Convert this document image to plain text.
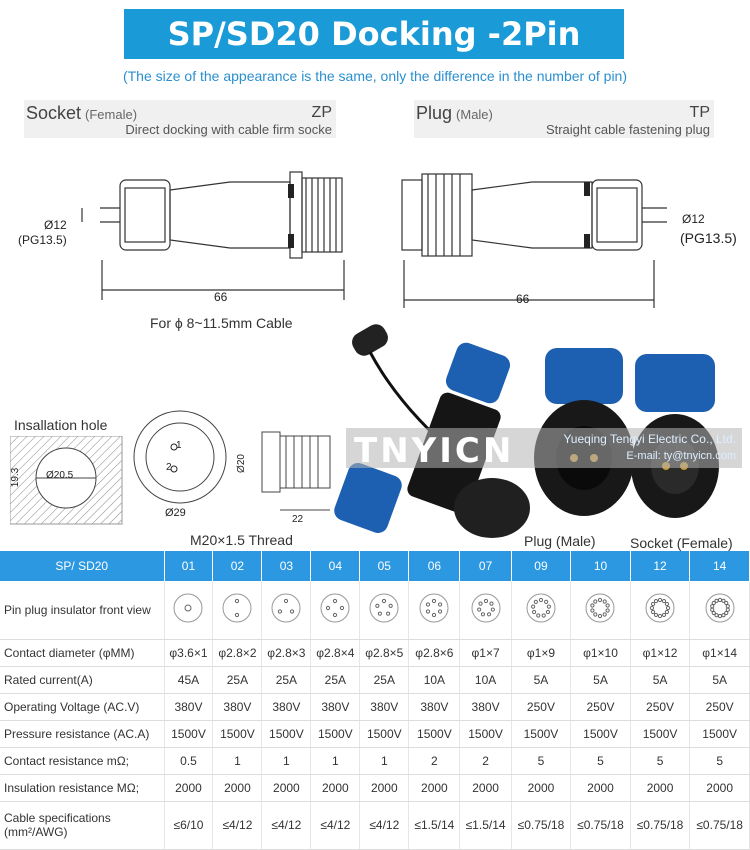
SP/SD20 Docking -2Pin
(The size of the appearance is the same, only the difference in the number of pin)
Socket (Female)	ZP
Direct docking with cable firm socke
Plug (Male)	TP
Straight cable fastening plug
Ø12
(PG13.5)
66
Ø12
(PG13.5)
66
For ϕ 8~11.5mm Cable
Insallation hole
Ø20.5
19.3
1
2
Ø29
Ø20
22
M20×1.5 Thread
TNYICN	Yueqing Tengyi Electric Co., Ltd.
E-mail: ty@tnyicn.com
Plug (Male) Socket (Female)
SP/ SD20	01	02	03	04	05	06	07	09	10	12	14
Pin plug insulator front view											
Contact diameter (φMM)	φ3.6×1	φ2.8×2	φ2.8×3	φ2.8×4	φ2.8×5	φ2.8×6	φ1×7	φ1×9	φ1×10	φ1×12	φ1×14
Rated current(A)	45A	25A	25A	25A	25A	10A	10A	5A	5A	5A	5A
Operating Voltage (AC.V)	380V	380V	380V	380V	380V	380V	380V	250V	250V	250V	250V
Pressure resistance (AC.A)	1500V	1500V	1500V	1500V	1500V	1500V	1500V	1500V	1500V	1500V	1500V
Contact resistance mΩ;	0.5	1	1	1	1	2	2	5	5	5	5
Insulation resistance MΩ;	2000	2000	2000	2000	2000	2000	2000	2000	2000	2000	2000
Cable specifications (mm²/AWG)	≤6/10	≤4/12	≤4/12	≤4/12	≤4/12	≤1.5/14	≤1.5/14	≤0.75/18	≤0.75/18	≤0.75/18	≤0.75/18
